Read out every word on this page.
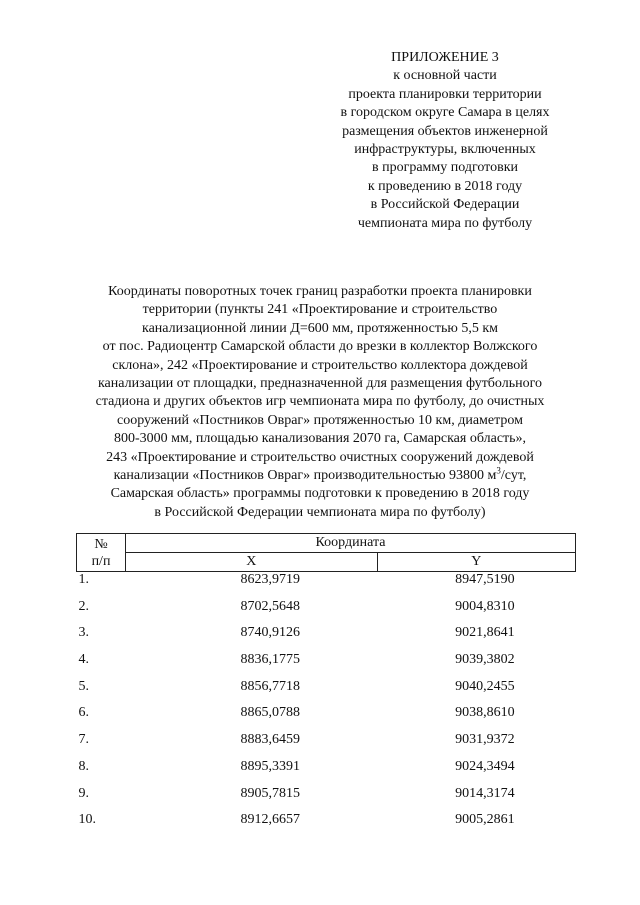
ПРИЛОЖЕНИЕ 3
к основной части
проекта планировки территории
в городском округе Самара в целях
размещения объектов инженерной
инфраструктуры, включенных
в программу подготовки
к проведению в 2018 году
в Российской Федерации
чемпионата мира по футболу
Координаты поворотных точек границ разработки проекта планировки
территории (пункты 241 «Проектирование и строительство
канализационной линии Д=600 мм, протяженностью 5,5 км
от пос. Радиоцентр Самарской области до врезки в коллектор Волжского
склона», 242 «Проектирование и строительство коллектора дождевой
канализации от площадки, предназначенной для размещения футбольного
стадиона и других объектов игр чемпионата мира по футболу, до очистных
сооружений «Постников Овраг» протяженностью 10 км, диаметром
800-3000 мм, площадью канализования 2070 га, Самарская область»,
243 «Проектирование и строительство очистных сооружений дождевой
канализации «Постников Овраг» производительностью 93800 $м^3$/сут,
Самарская область» программы подготовки к проведению в 2018 году
в Российской Федерации чемпионата мира по футболу)
№
п/п	Координата	
	X	Y
1.	8623,9719	8947,5190
2.	8702,5648	9004,8310
3.	8740,9126	9021,8641
4.	8836,1775	9039,3802
5.	8856,7718	9040,2455
6.	8865,0788	9038,8610
7.	8883,6459	9031,9372
8.	8895,3391	9024,3494
9.	8905,7815	9014,3174
10.	8912,6657	9005,2861
